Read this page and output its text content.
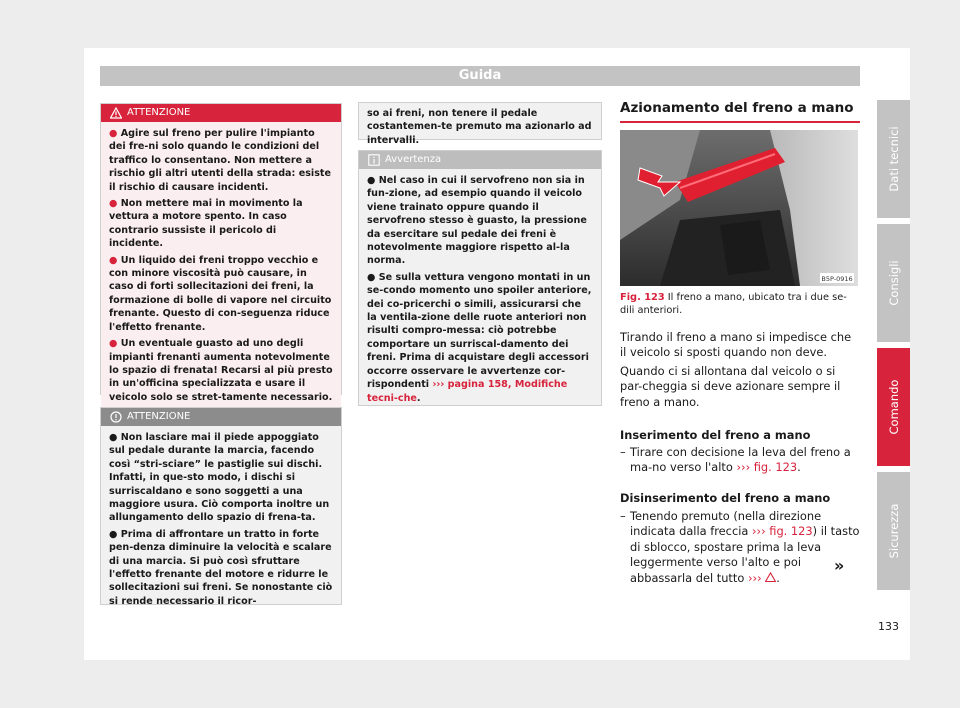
Guida
ATTENZIONE

● Agire sul freno per pulire l'impianto dei fre-ni solo quando le condizioni del traffico lo consentano. Non mettere a rischio gli altri utenti della strada: esiste il rischio di causare incidenti.

● Non mettere mai in movimento la vettura a motore spento. In caso contrario sussiste il pericolo di incidente.

● Un liquido dei freni troppo vecchio e con minore viscosità può causare, in caso di forti sollecitazioni dei freni, la formazione di bolle di vapore nel circuito frenante. Questo di con-seguenza riduce l'effetto frenante.

● Un eventuale guasto ad uno degli impianti frenanti aumenta notevolmente lo spazio di frenata! Recarsi al più presto in un'officina specializzata e usare il veicolo solo se stret-tamente necessario.

ATTENZIONE

● Non lasciare mai il piede appoggiato sul pedale durante la marcia, facendo così “stri-sciare” le pastiglie sui dischi. Infatti, in que-sto modo, i dischi si surriscaldano e sono soggetti a una maggiore usura. Ciò comporta inoltre un allungamento dello spazio di frena-ta.

● Prima di affrontare un tratto in forte pen-denza diminuire la velocità e scalare di una marcia. Si può così sfruttare l'effetto frenante del motore e ridurre le sollecitazioni sui freni. Se nonostante ciò si rende necessario il ricor-

so ai freni, non tenere il pedale costantemen-te premuto ma azionarlo ad intervalli.
Avvertenza

● Nel caso in cui il servofreno non sia in fun-zione, ad esempio quando il veicolo viene trainato oppure quando il servofreno stesso è guasto, la pressione da esercitare sul pedale dei freni è notevolmente maggiore rispetto al-la norma.

● Se sulla vettura vengono montati in un se-condo momento uno spoiler anteriore, dei co-pricerchi o simili, assicurarsi che la ventila-zione delle ruote anteriori non risulti compro-messa: ciò potrebbe comportare un surriscal-damento dei freni. Prima di acquistare degli accessori occorre osservare le avvertenze cor-rispondenti ››› pagina 158, Modifiche tecni-che.

Azionamento del freno a mano
B5P-0916
Fig. 123 Il freno a mano, ubicato tra i due se-dili anteriori.
Tirando il freno a mano si impedisce che il veicolo si sposti quando non deve.
Quando ci si allontana dal veicolo o si par-cheggia si deve azionare sempre il freno a mano.
Inserimento del freno a mano
– Tirare con decisione la leva del freno a ma-no verso l'alto ››› fig. 123.
Disinserimento del freno a mano
– Tenendo premuto (nella direzione indicata dalla freccia ››› fig. 123) il tasto di sblocco, spostare prima la leva leggermente verso l'alto e poi abbassarla del tutto ››› .
»
Dati tecnici
Consigli
Comando
Sicurezza
133
